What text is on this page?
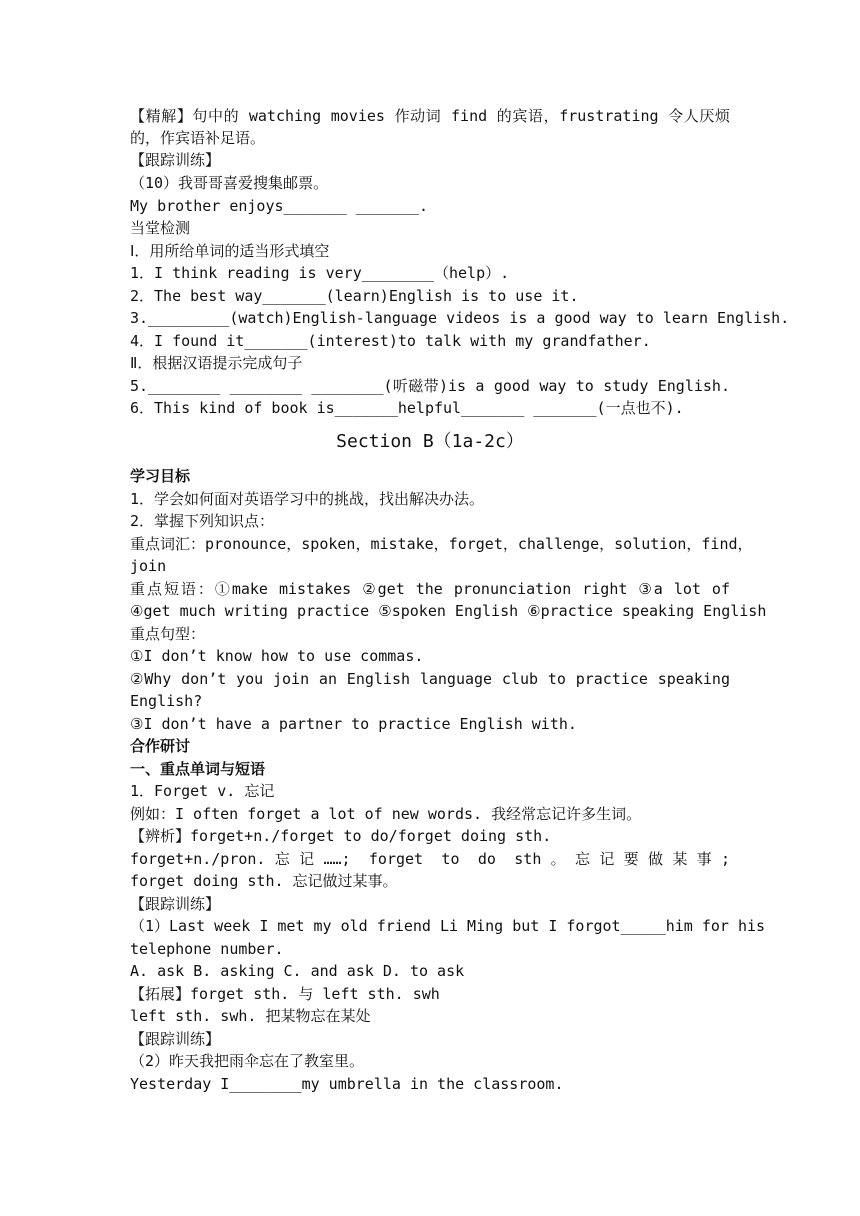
【精解】句中的 watching movies 作动词 find 的宾语，frustrating 令人厌烦
的，作宾语补足语。
【跟踪训练】
（10）我哥哥喜爱搜集邮票。
My brother enjoys_______ _______.
当堂检测
Ⅰ．用所给单词的适当形式填空
1．I think reading is very________（help）.
2．The best way_______(learn)English is to use it.
3._________(watch)English-language videos is a good way to learn English.
4．I found it_______(interest)to talk with my grandfather.
Ⅱ．根据汉语提示完成句子
5.________ ________ ________(听磁带)is a good way to study English.
6．This kind of book is_______helpful_______ _______(一点也不).
Section B（1a-2c）
学习目标
1．学会如何面对英语学习中的挑战，找出解决办法。
2．掌握下列知识点：
重点词汇：pronounce，spoken，mistake，forget，challenge，solution，find，
join
重点短语：①make mistakes ②get the pronunciation right ③a lot of
④get much writing practice ⑤spoken English ⑥practice speaking English
重点句型：
①I don’t know how to use commas.
②Why don’t you join an English language club to practice speaking
English?
③I don’t have a partner to practice English with.
合作研讨
一、重点单词与短语
1．Forget v. 忘记
例如：I often forget a lot of new words. 我经常忘记许多生词。
【辨析】forget+n./forget to do/forget doing sth.
forget+n./pron.忘记……; forget to do sth。忘记要做某事;
forget doing sth. 忘记做过某事。
【跟踪训练】
（1）Last week I met my old friend Li Ming but I forgot_____him for his
telephone number.
A. ask B. asking C. and ask D. to ask
【拓展】forget sth. 与 left sth. swh
left sth. swh. 把某物忘在某处
【跟踪训练】
（2）昨天我把雨伞忘在了教室里。
Yesterday I________my umbrella in the classroom.
